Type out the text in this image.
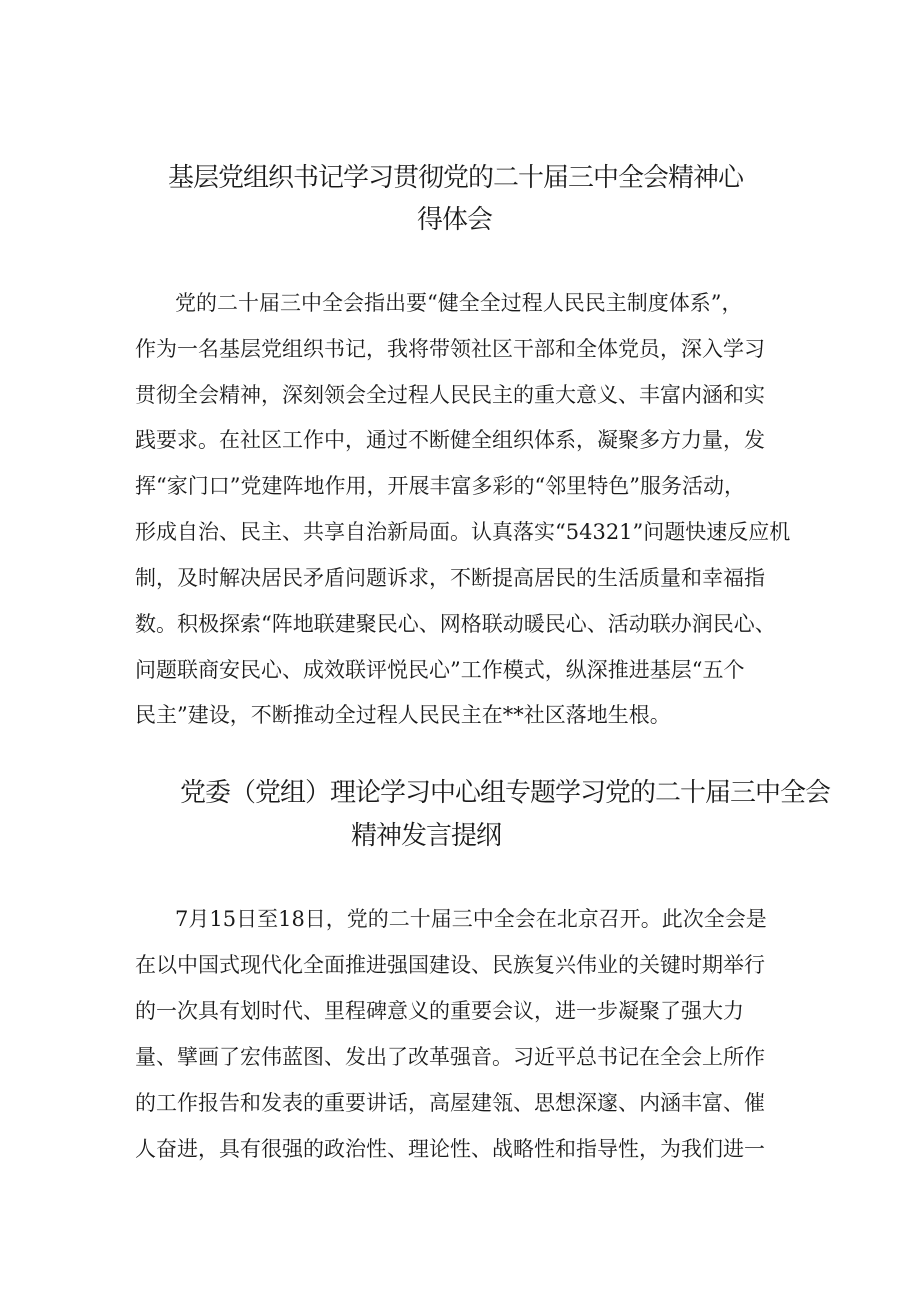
基层党组织书记学习贯彻党的二十届三中全会精神心
得体会

党的二十届三中全会指出要“健全全过程人民民主制度体系”，

作为一名基层党组织书记，我将带领社区干部和全体党员，深入学习

贯彻全会精神，深刻领会全过程人民民主的重大意义、丰富内涵和实

践要求。在社区工作中，通过不断健全组织体系，凝聚多方力量，发

挥“家门口”党建阵地作用，开展丰富多彩的“邻里特色”服务活动，

形成自治、民主、共享自治新局面。认真落实“54321”问题快速反应机

制，及时解决居民矛盾问题诉求，不断提高居民的生活质量和幸福指

数。积极探索“阵地联建聚民心、网格联动暖民心、活动联办润民心、

问题联商安民心、成效联评悦民心”工作模式，纵深推进基层“五个

民主”建设，不断推动全过程人民民主在**社区落地生根。

党委（党组）理论学习中心组专题学习党的二十届三中全会
精神发言提纲

7月15日至18日，党的二十届三中全会在北京召开。此次全会是

在以中国式现代化全面推进强国建设、民族复兴伟业的关键时期举行

的一次具有划时代、里程碑意义的重要会议，进一步凝聚了强大力

量、擘画了宏伟蓝图、发出了改革强音。习近平总书记在全会上所作

的工作报告和发表的重要讲话，高屋建瓴、思想深邃、内涵丰富、催

人奋进，具有很强的政治性、理论性、战略性和指导性，为我们进一
